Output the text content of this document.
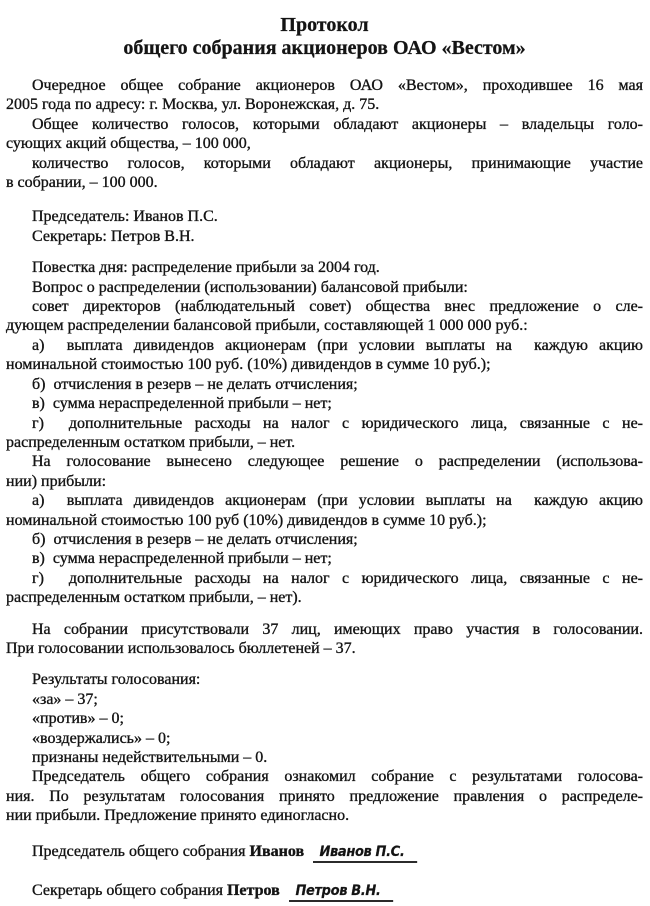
Протокол
общего собрания акционеров ОАО «Вестом»
Очередное общее собрание акционеров ОАО «Вестом», проходившее 16 мая
2005 года по адресу: г. Москва, ул. Воронежская, д. 75.
Общее количество голосов, которыми обладают акционеры – владельцы голо-
сующих акций общества, – 100 000,
количество голосов, которыми обладают акционеры, принимающие участие
в собрании, – 100 000.
Председатель: Иванов П.С.
Секретарь: Петров В.Н.
Повестка дня: распределение прибыли за 2004 год.
Вопрос о распределении (использовании) балансовой прибыли:
совет директоров (наблюдательный совет) общества внес предложение о сле-
дующем распределении балансовой прибыли, составляющей 1 000 000 руб.:
а)  выплата дивидендов акционерам (при условии выплаты на  каждую акцию
номинальной стоимостью 100 руб. (10%) дивидендов в сумме 10 руб.);
б)  отчисления в резерв – не делать отчисления;
в)  сумма нераспределенной прибыли – нет;
г)  дополнительные расходы на налог с юридического лица, связанные с не-
распределенным остатком прибыли, – нет.
На голосование вынесено следующее решение о распределении (использова-
нии) прибыли:
а)  выплата дивидендов акционерам (при условии выплаты на  каждую акцию
номинальной стоимостью 100 руб (10%) дивидендов в сумме 10 руб.);
б)  отчисления в резерв – не делать отчисления;
в)  сумма нераспределенной прибыли – нет;
г)  дополнительные расходы на налог с юридического лица, связанные с не-
распределенным остатком прибыли, – нет).
На собрании присутствовали 37 лиц, имеющих право участия в голосовании.
При голосовании использовалось бюллетеней – 37.
Результаты голосования:
«за» – 37;
«против» – 0;
«воздержались» – 0;
признаны недействительными – 0.
Председатель общего собрания ознакомил собрание с результатами голосова-
ния. По результатам голосования принято предложение правления о распределе-
нии прибыли. Предложение принято единогласно.
Председатель общего собрания Иванов Иванов П.С.
Секретарь общего собрания Петров Петров В.Н.
